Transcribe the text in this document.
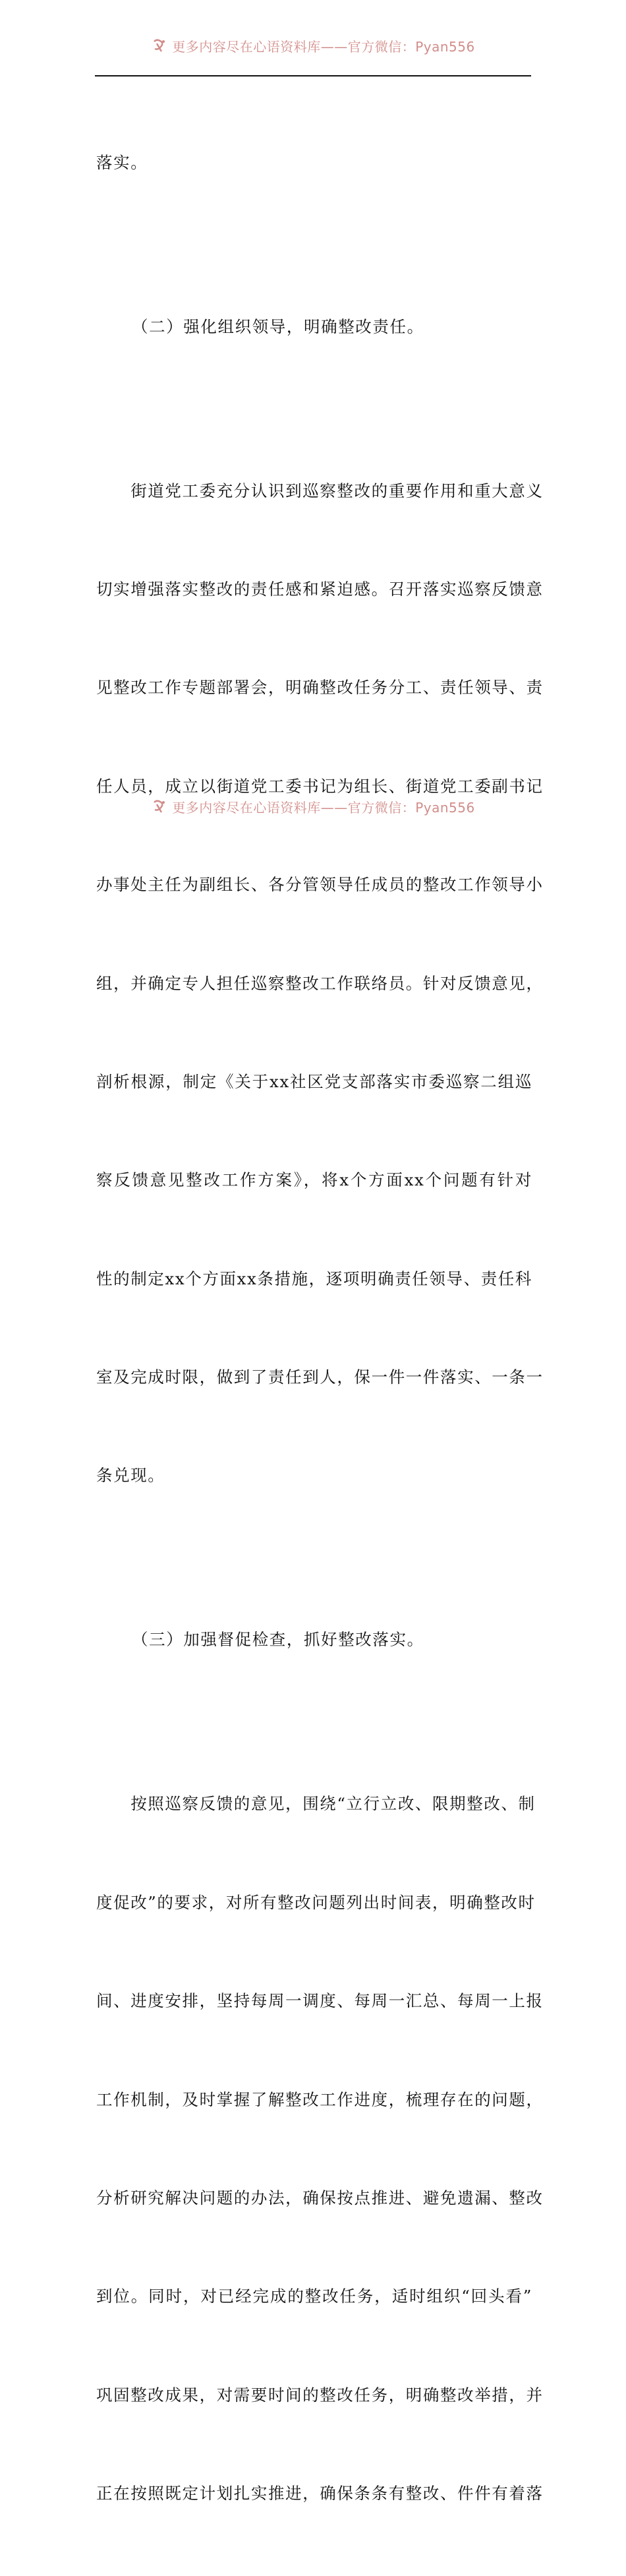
更多内容尽在心语资料库——官方微信：Pyan556

落实。

（二）强化组织领导，明确整改责任。

　　街道党工委充分认识到巡察整改的重要作用和重大意义

切实增强落实整改的责任感和紧迫感。召开落实巡察反馈意

见整改工作专题部署会，明确整改任务分工、责任领导、责

任人员，成立以街道党工委书记为组长、街道党工委副书记

办事处主任为副组长、各分管领导任成员的整改工作领导小

组，并确定专人担任巡察整改工作联络员。针对反馈意见，

剖析根源，制定《关于xx社区党支部落实市委巡察二组巡

察反馈意见整改工作方案》，将x个方面xx个问题有针对

性的制定xx个方面xx条措施，逐项明确责任领导、责任科

室及完成时限，做到了责任到人，保一件一件落实、一条一

条兑现。

（三）加强督促检查，抓好整改落实。

　　按照巡察反馈的意见，围绕“立行立改、限期整改、制

度促改”的要求，对所有整改问题列出时间表，明确整改时

间、进度安排，坚持每周一调度、每周一汇总、每周一上报

工作机制，及时掌握了解整改工作进度，梳理存在的问题，

分析研究解决问题的办法，确保按点推进、避免遗漏、整改

到位。同时，对已经完成的整改任务，适时组织“回头看”

巩固整改成果，对需要时间的整改任务，明确整改举措，并

正在按照既定计划扎实推进，确保条条有整改、件件有着落

更多内容尽在心语资料库——官方微信：Pyan556
